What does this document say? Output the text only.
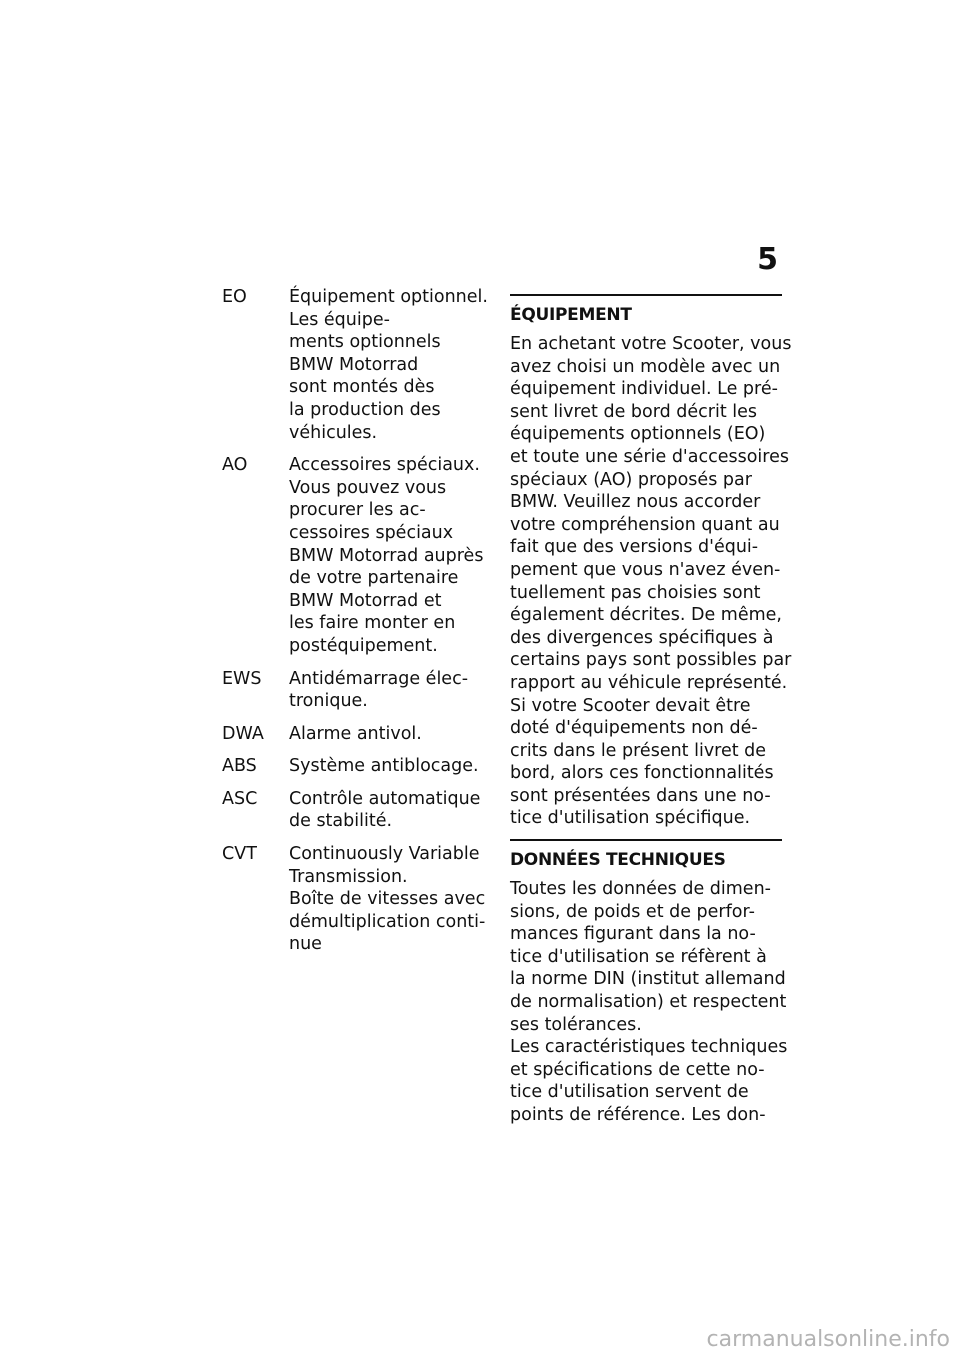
5
EO	Équipement optionnel.
Les équipe-
ments optionnels
BMW Motorrad
sont montés dès
la production des
véhicules.
AO	Accessoires spéciaux.
Vous pouvez vous
procurer les ac-
cessoires spéciaux
BMW Motorrad auprès
de votre partenaire
BMW Motorrad et
les faire monter en
postéquipement.
EWS	Antidémarrage élec-
tronique.
DWA	Alarme antivol.
ABS	Système antiblocage.
ASC	Contrôle automatique
de stabilité.
CVT	Continuously Variable
Transmission.
Boîte de vitesses avec
démultiplication conti-
nue
ÉQUIPEMENT
En achetant votre Scooter, vous
avez choisi un modèle avec un
équipement individuel. Le pré-
sent livret de bord décrit les
équipements optionnels (EO)
et toute une série d'accessoires
spéciaux (AO) proposés par
BMW. Veuillez nous accorder
votre compréhension quant au
fait que des versions d'équi-
pement que vous n'avez éven-
tuellement pas choisies sont
également décrites. De même,
des divergences spécifiques à
certains pays sont possibles par
rapport au véhicule représenté.
Si votre Scooter devait être
doté d'équipements non dé-
crits dans le présent livret de
bord, alors ces fonctionnalités
sont présentées dans une no-
tice d'utilisation spécifique.
DONNÉES TECHNIQUES
Toutes les données de dimen-
sions, de poids et de perfor-
mances figurant dans la no-
tice d'utilisation se réfèrent à
la norme DIN (institut allemand
de normalisation) et respectent
ses tolérances.
Les caractéristiques techniques
et spécifications de cette no-
tice d'utilisation servent de
points de référence. Les don-
carmanualsonline.info
